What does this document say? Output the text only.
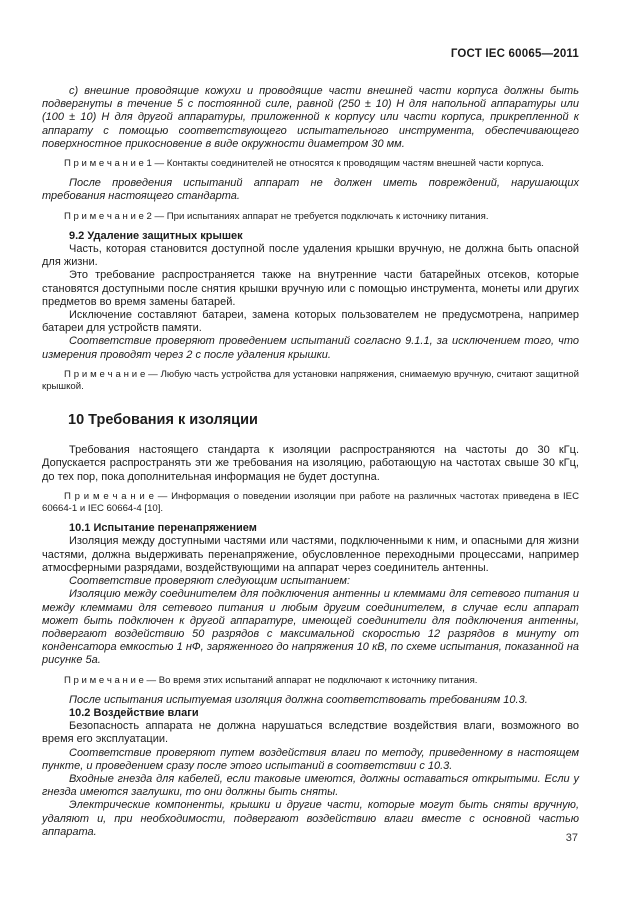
ГОСТ IEC 60065—2011

с) внешние проводящие кожухи и проводящие части внешней части корпуса должны быть подвергнуты в течение 5 с постоянной силе, равной (250 ± 10) Н для напольной аппаратуры или (100 ± 10) Н для другой аппаратуры, приложенной к корпусу или части корпуса, прикрепленной к аппарату с помощью соответствующего испытательного инструмента, обеспечивающего поверхностное прикосновение в виде окружности диаметром 30 мм.

П р и м е ч а н и е 1 — Контакты соединителей не относятся к проводящим частям внешней части корпуса.

После проведения испытаний аппарат не должен иметь повреждений, нарушающих требования настоящего стандарта.

П р и м е ч а н и е 2 — При испытаниях аппарат не требуется подключать к источнику питания.

9.2 Удаление защитных крышек

Часть, которая становится доступной после удаления крышки вручную, не должна быть опасной для жизни.

Это требование распространяется также на внутренние части батарейных отсеков, которые становятся доступными после снятия крышки вручную или с помощью инструмента, монеты или других предметов во время замены батарей.

Исключение составляют батареи, замена которых пользователем не предусмотрена, например батареи для устройств памяти.

Соответствие проверяют проведением испытаний согласно 9.1.1, за исключением того, что измерения проводят через 2 с после удаления крышки.

П р и м е ч а н и е — Любую часть устройства для установки напряжения, снимаемую вручную, считают защитной крышкой.

10 Требования к изоляции

Требования настоящего стандарта к изоляции распространяются на частоты до 30 кГц. Допускается распространять эти же требования на изоляцию, работающую на частотах свыше 30 кГц, до тех пор, пока дополнительная информация не будет доступна.

П р и м е ч а н и е — Информация о поведении изоляции при работе на различных частотах приведена в IEC 60664-1 и IEC 60664-4 [10].

10.1 Испытание перенапряжением

Изоляция между доступными частями или частями, подключенными к ним, и опасными для жизни частями, должна выдерживать перенапряжение, обусловленное переходными процессами, например атмосферными разрядами, воздействующими на аппарат через соединитель антенны.

Соответствие проверяют следующим испытанием:

Изоляцию между соединителем для подключения антенны и клеммами для сетевого питания и между клеммами для сетевого питания и любым другим соединителем, в случае если аппарат может быть подключен к другой аппаратуре, имеющей соединители для подключения антенны, подвергают воздействию 50 разрядов с максимальной скоростью 12 разрядов в минуту от конденсатора емкостью 1 нФ, заряженного до напряжения 10 кВ, по схеме испытания, показанной на рисунке 5а.

П р и м е ч а н и е — Во время этих испытаний аппарат не подключают к источнику питания.

После испытания испытуемая изоляция должна соответствовать требованиям 10.3.

10.2 Воздействие влаги

Безопасность аппарата не должна нарушаться вследствие воздействия влаги, возможного во время его эксплуатации.

Соответствие проверяют путем воздействия влаги по методу, приведенному в настоящем пункте, и проведением сразу после этого испытаний в соответствии с 10.3.

Входные гнезда для кабелей, если таковые имеются, должны оставаться открытыми. Если у гнезда имеются заглушки, то они должны быть сняты.

Электрические компоненты, крышки и другие части, которые могут быть сняты вручную, удаляют и, при необходимости, подвергают воздействию влаги вместе с основной частью аппарата.

37
